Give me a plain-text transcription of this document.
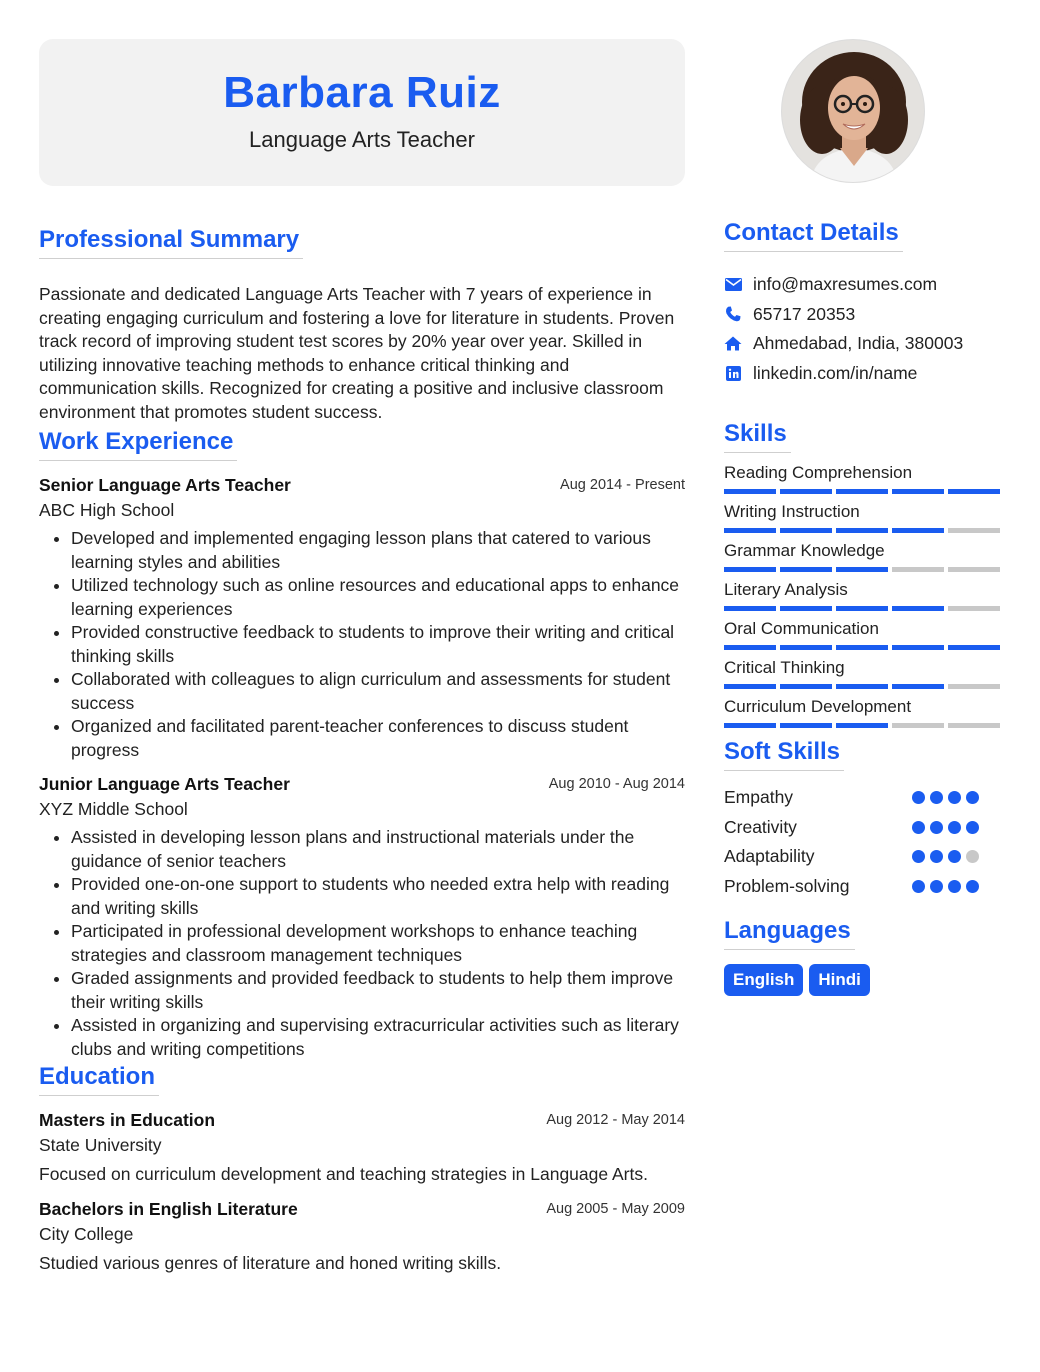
Barbara Ruiz
Language Arts Teacher
Professional Summary

Passionate and dedicated Language Arts Teacher with 7 years of experience in creating engaging curriculum and fostering a love for literature in students. Proven track record of improving student test scores by 20% year over year. Skilled in utilizing innovative teaching methods to enhance critical thinking and communication skills. Recognized for creating a positive and inclusive classroom environment that promotes student success.

Work Experience
Senior Language Arts Teacher	Aug 2014 - Present
ABC High School
• Developed and implemented engaging lesson plans that catered to various learning styles and abilities
• Utilized technology such as online resources and educational apps to enhance learning experiences
• Provided constructive feedback to students to improve their writing and critical thinking skills
• Collaborated with colleagues to align curriculum and assessments for student success
• Organized and facilitated parent-teacher conferences to discuss student progress
Junior Language Arts Teacher	Aug 2010 - Aug 2014
XYZ Middle School
• Assisted in developing lesson plans and instructional materials under the guidance of senior teachers
• Provided one-on-one support to students who needed extra help with reading and writing skills
• Participated in professional development workshops to enhance teaching strategies and classroom management techniques
• Graded assignments and provided feedback to students to help them improve their writing skills
• Assisted in organizing and supervising extracurricular activities such as literary clubs and writing competitions
Education
Masters in Education	Aug 2012 - May 2014
State University
Focused on curriculum development and teaching strategies in Language Arts.
Bachelors in English Literature	Aug 2005 - May 2009
City College
Studied various genres of literature and honed writing skills.
Contact Details
info@maxresumes.com
65717 20353
Ahmedabad, India, 380003
linkedin.com/in/name
Skills
Reading Comprehension
Writing Instruction
Grammar Knowledge
Literary Analysis
Oral Communication
Critical Thinking
Curriculum Development
Soft Skills
Empathy
Creativity
Adaptability
Problem-solving
Languages
English	Hindi
